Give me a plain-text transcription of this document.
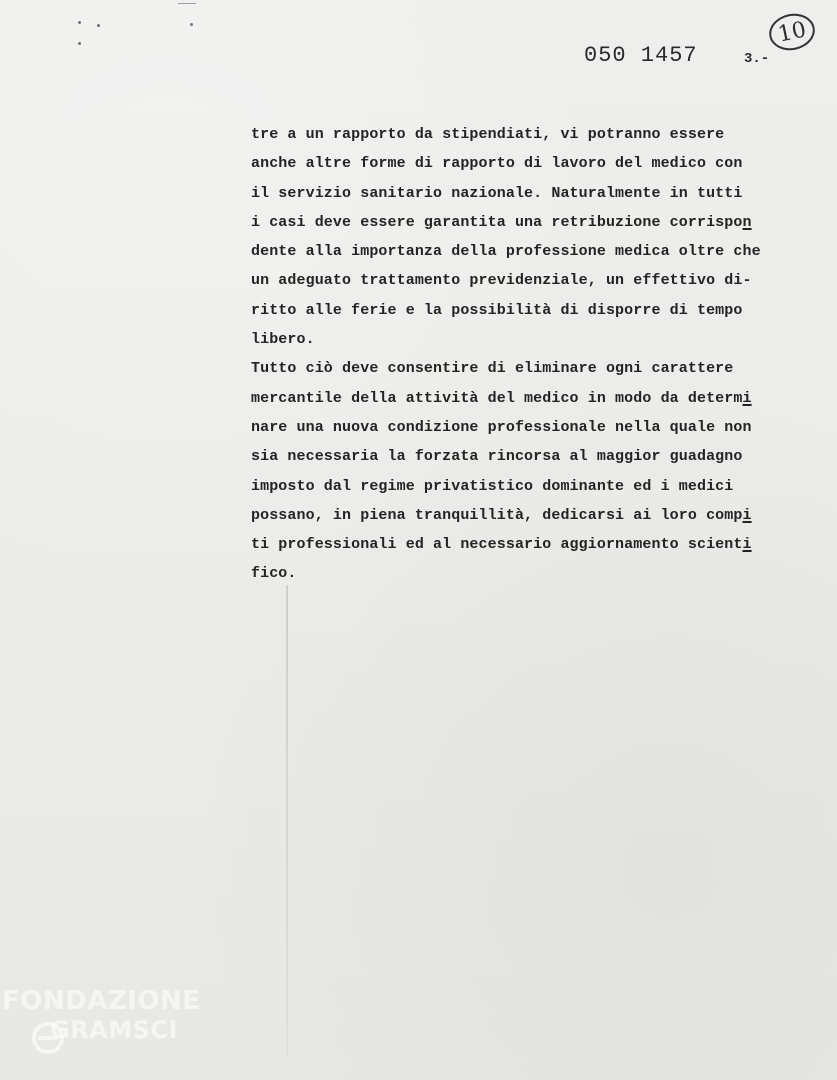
050 1457	3.-
10
tre a un rapporto da stipendiati, vi potranno essere
anche altre forme di rapporto di lavoro del medico con
il servizio sanitario nazionale. Naturalmente in tutti
i casi deve essere garantita una retribuzione corrispon
dente alla importanza della professione medica oltre che
un adeguato trattamento previdenziale, un effettivo di-
ritto alle ferie e la possibilità di disporre di tempo
libero.
Tutto ciò deve consentire di eliminare ogni carattere
mercantile della attività del medico in modo da determi
nare una nuova condizione professionale nella quale non
sia necessaria la forzata rincorsa al maggior guadagno
imposto dal regime privatistico dominante ed i medici
possano, in piena tranquillità, dedicarsi ai loro compi
ti professionali ed al necessario aggiornamento scienti
fico.
FONDAZIONE
GRAMSCI
